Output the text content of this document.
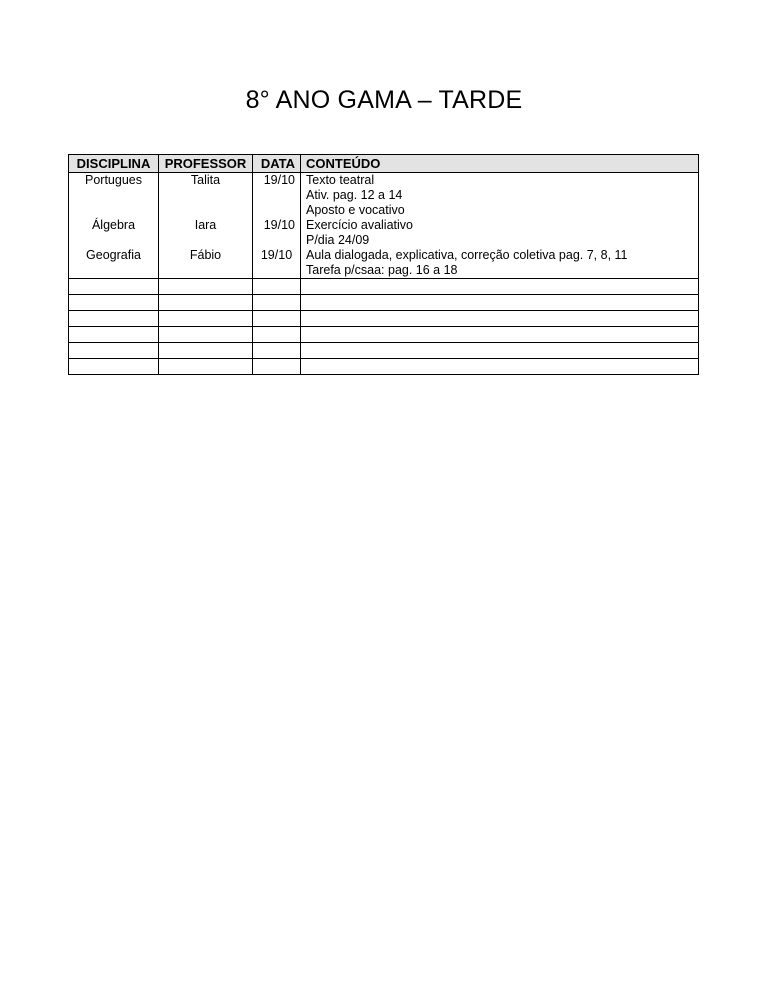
8° ANO GAMA – TARDE
DISCIPLINA	PROFESSOR	DATA	CONTEÚDO
Portugues	Talita	19/10	Texto teatral
			Ativ. pag. 12 a 14
			Aposto e vocativo
Álgebra	Iara	19/10	Exercício avaliativo
			P/dia 24/09
Geografia	Fábio	19/10	Aula dialogada, explicativa, correção coletiva pag. 7, 8, 11
			Tarefa p/csaa: pag. 16 a 18
